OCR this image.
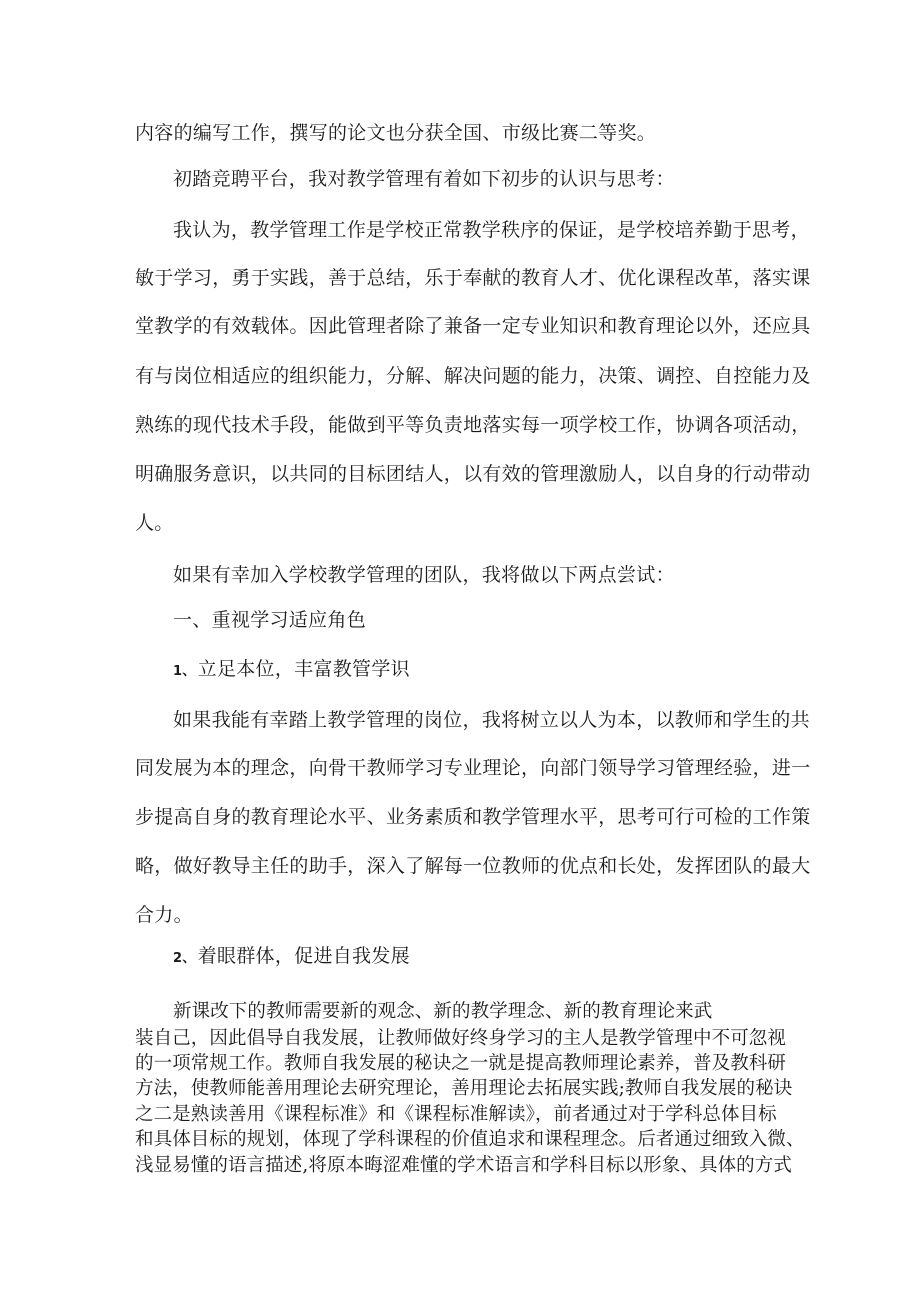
内容的编写工作，撰写的论文也分获全国、市级比赛二等奖。
初踏竞聘平台，我对教学管理有着如下初步的认识与思考：
我认为，教学管理工作是学校正常教学秩序的保证，是学校培养勤于思考，
敏于学习，勇于实践，善于总结，乐于奉献的教育人才、优化课程改革，落实课
堂教学的有效载体。因此管理者除了兼备一定专业知识和教育理论以外，还应具
有与岗位相适应的组织能力，分解、解决问题的能力，决策、调控、自控能力及
熟练的现代技术手段，能做到平等负责地落实每一项学校工作，协调各项活动，
明确服务意识，以共同的目标团结人，以有效的管理激励人，以自身的行动带动
人。
如果有幸加入学校教学管理的团队，我将做以下两点尝试：
一、重视学习适应角色
1、 立足本位，丰富教管学识
如果我能有幸踏上教学管理的岗位，我将树立以人为本，以教师和学生的共
同发展为本的理念，向骨干教师学习专业理论，向部门领导学习管理经验，进一
步提高自身的教育理论水平、业务素质和教学管理水平，思考可行可检的工作策
略，做好教导主任的助手，深入了解每一位教师的优点和长处，发挥团队的最大
合力。
2、 着眼群体，促进自我发展
新课改下的教师需要新的观念、新的教学理念、新的教育理论来武
装自己，因此倡导自我发展，让教师做好终身学习的主人是教学管理中不可忽视
的一项常规工作。教师自我发展的秘诀之一就是提高教师理论素养，普及教科研
方法，使教师能善用理论去研究理论，善用理论去拓展实践;教师自我发展的秘诀
之二是熟读善用《课程标准》和《课程标准解读》，前者通过对于学科总体目标
和具体目标的规划，体现了学科课程的价值追求和课程理念。后者通过细致入微、
浅显易懂的语言描述,将原本晦涩难懂的学术语言和学科目标以形象、具体的方式
